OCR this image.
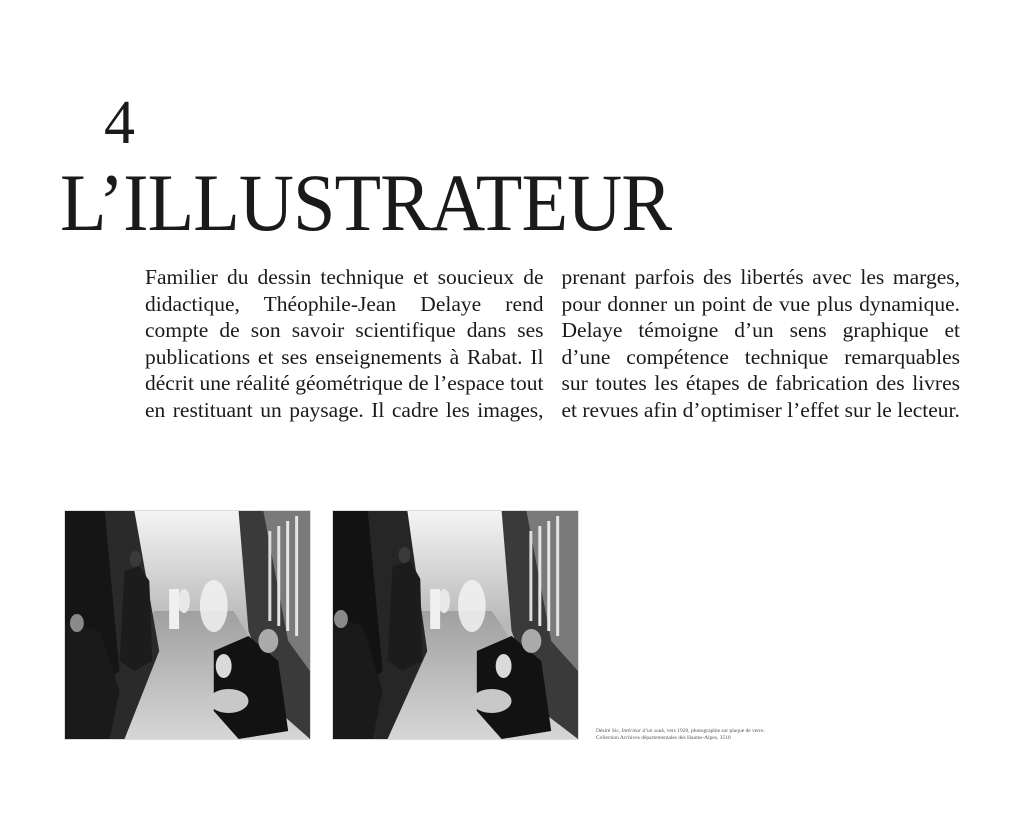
4
L’ILLUSTRATEUR

Familier du dessin technique et soucieux de didactique, Théophile-Jean Delaye rend compte de son savoir scientifique dans ses publications et ses enseignements à Rabat. Il décrit une réalité géométrique de l’espace tout en restituant un paysage. Il cadre les images, prenant parfois des libertés avec les marges, pour donner un point de vue plus dynamique. Delaye témoigne d’un sens graphique et d’une compétence technique remarquables sur toutes les étapes de fabrication des livres et revues afin d’optimiser l’effet sur le lecteur.

Désiré Sic, Intérieur d’un souk, vers 1920, photographie sur plaque de verre.
Collection Archives départementales des Hautes-Alpes, 3518
